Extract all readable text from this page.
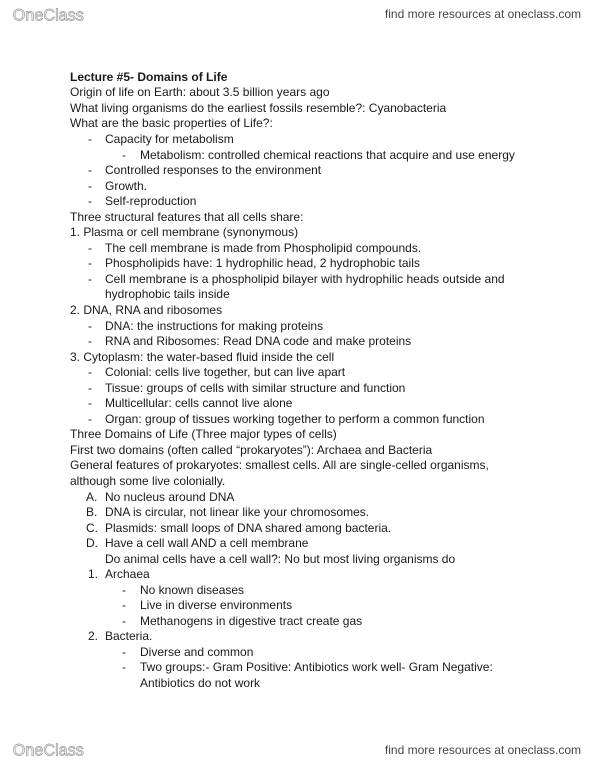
OneClass	find more resources at oneclass.com
Lecture #5- Domains of Life
Origin of life on Earth: about 3.5 billion years ago
What living organisms do the earliest fossils resemble?: Cyanobacteria
What are the basic properties of Life?:
- Capacity for metabolism
- Metabolism: controlled chemical reactions that acquire and use energy
- Controlled responses to the environment
- Growth.
- Self-reproduction
Three structural features that all cells share:
1. Plasma or cell membrane (synonymous)
- The cell membrane is made from Phospholipid compounds.
- Phospholipids have: 1 hydrophilic head, 2 hydrophobic tails
- Cell membrane is a phospholipid bilayer with hydrophilic heads outside and
hydrophobic tails inside
2. DNA, RNA and ribosomes
- DNA: the instructions for making proteins
- RNA and Ribosomes: Read DNA code and make proteins
3. Cytoplasm: the water-based fluid inside the cell
- Colonial: cells live together, but can live apart
- Tissue: groups of cells with similar structure and function
- Multicellular: cells cannot live alone
- Organ: group of tissues working together to perform a common function
Three Domains of Life (Three major types of cells)
First two domains (often called “prokaryotes”): Archaea and Bacteria
General features of prokaryotes: smallest cells. All are single-celled organisms,
although some live colonially.
A. No nucleus around DNA
B. DNA is circular, not linear like your chromosomes.
C. Plasmids: small loops of DNA shared among bacteria.
D. Have a cell wall AND a cell membrane
Do animal cells have a cell wall?: No but most living organisms do
1. Archaea
- No known diseases
- Live in diverse environments
- Methanogens in digestive tract create gas
2. Bacteria.
- Diverse and common
- Two groups:- Gram Positive: Antibiotics work well- Gram Negative:
Antibiotics do not work
OneClass	find more resources at oneclass.com
